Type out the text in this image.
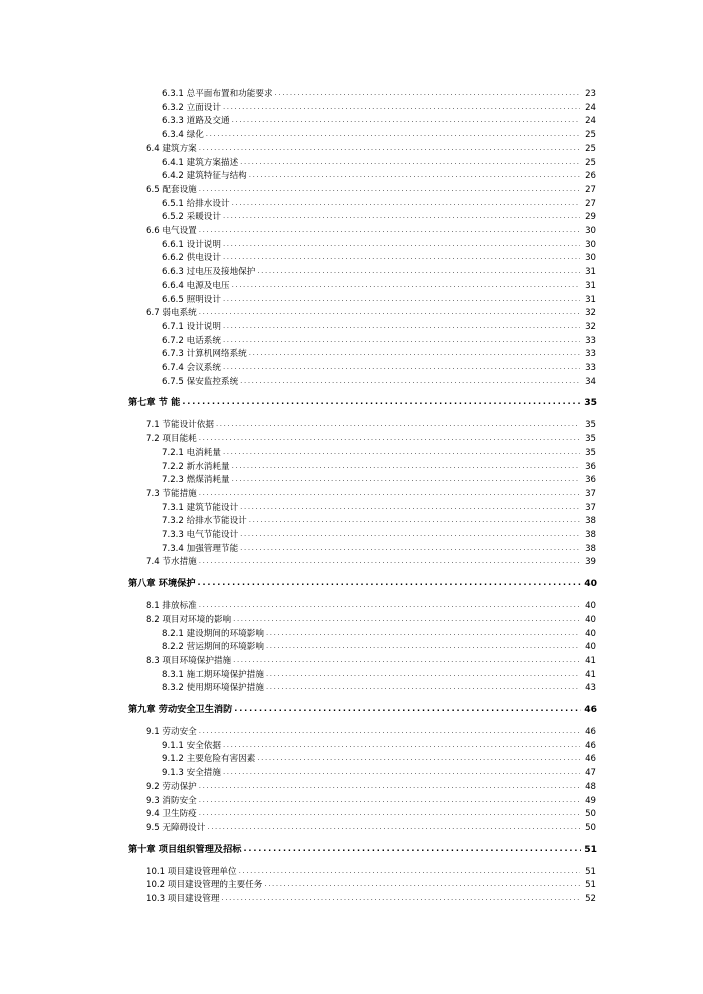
6.3.1 总平面布置和功能要求 .....	23
6.3.2 立面设计 .....	24
6.3.3 道路及交通 .....	24
6.3.4 绿化 .....	25
6.4 建筑方案 .....	25
6.4.1 建筑方案描述 .....	25
6.4.2 建筑特征与结构 .....	26
6.5 配套设施 .....	27
6.5.1 给排水设计 .....	27
6.5.2 采暖设计 .....	29
6.6 电气设置 .....	30
6.6.1 设计说明 .....	30
6.6.2 供电设计 .....	30
6.6.3 过电压及接地保护 .....	31
6.6.4 电源及电压 .....	31
6.6.5 照明设计 .....	31
6.7 弱电系统 .....	32
6.7.1 设计说明 .....	32
6.7.2 电话系统 .....	33
6.7.3 计算机网络系统 .....	33
6.7.4 会议系统 .....	33
6.7.5 保安监控系统 .....	34
第七章 节 能 .....	35
7.1 节能设计依据 .....	35
7.2 项目能耗 .....	35
7.2.1 电消耗量 .....	35
7.2.2 新水消耗量 .....	36
7.2.3 燃煤消耗量 .....	36
7.3 节能措施 .....	37
7.3.1 建筑节能设计 .....	37
7.3.2 给排水节能设计 .....	38
7.3.3 电气节能设计 .....	38
7.3.4 加强管理节能 .....	38
7.4 节水措施 .....	39
第八章 环境保护 .....	40
8.1 排放标准 .....	40
8.2 项目对环境的影响 .....	40
8.2.1 建设期间的环境影响 .....	40
8.2.2 营运期间的环境影响 .....	40
8.3 项目环境保护措施 .....	41
8.3.1 施工期环境保护措施 .....	41
8.3.2 使用期环境保护措施 .....	43
第九章 劳动安全卫生消防 .....	46
9.1 劳动安全 .....	46
9.1.1 安全依据 .....	46
9.1.2 主要危险有害因素 .....	46
9.1.3 安全措施 .....	47
9.2 劳动保护 .....	48
9.3 消防安全 .....	49
9.4 卫生防疫 .....	50
9.5 无障碍设计 .....	50
第十章 项目组织管理及招标 .....	51
10.1 项目建设管理单位 .....	51
10.2 项目建设管理的主要任务 .....	51
10.3 项目建设管理 .....	52
